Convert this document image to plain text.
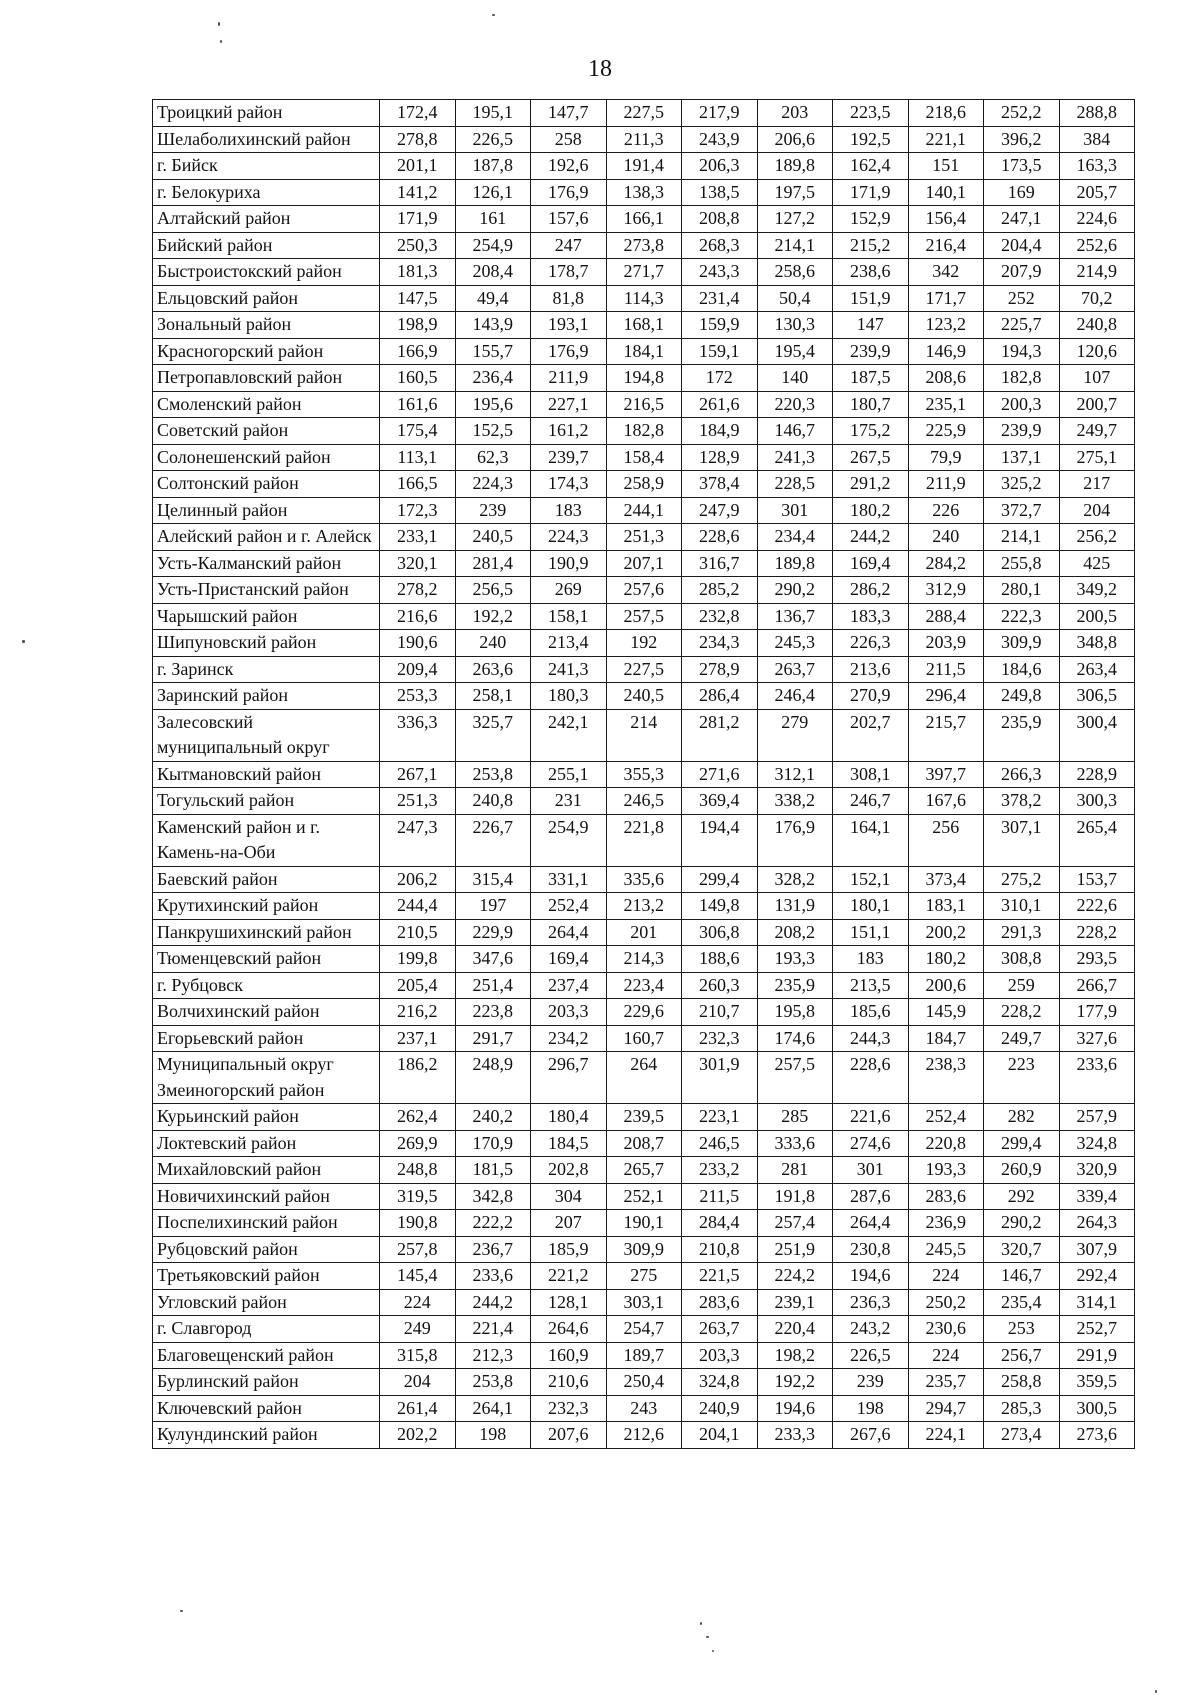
18
Троицкий район	172,4	195,1	147,7	227,5	217,9	203	223,5	218,6	252,2	288,8
Шелаболихинский район	278,8	226,5	258	211,3	243,9	206,6	192,5	221,1	396,2	384
г. Бийск	201,1	187,8	192,6	191,4	206,3	189,8	162,4	151	173,5	163,3
г. Белокуриха	141,2	126,1	176,9	138,3	138,5	197,5	171,9	140,1	169	205,7
Алтайский район	171,9	161	157,6	166,1	208,8	127,2	152,9	156,4	247,1	224,6
Бийский район	250,3	254,9	247	273,8	268,3	214,1	215,2	216,4	204,4	252,6
Быстроистокский район	181,3	208,4	178,7	271,7	243,3	258,6	238,6	342	207,9	214,9
Ельцовский район	147,5	49,4	81,8	114,3	231,4	50,4	151,9	171,7	252	70,2
Зональный район	198,9	143,9	193,1	168,1	159,9	130,3	147	123,2	225,7	240,8
Красногорский район	166,9	155,7	176,9	184,1	159,1	195,4	239,9	146,9	194,3	120,6
Петропавловский район	160,5	236,4	211,9	194,8	172	140	187,5	208,6	182,8	107
Смоленский район	161,6	195,6	227,1	216,5	261,6	220,3	180,7	235,1	200,3	200,7
Советский район	175,4	152,5	161,2	182,8	184,9	146,7	175,2	225,9	239,9	249,7
Солонешенский район	113,1	62,3	239,7	158,4	128,9	241,3	267,5	79,9	137,1	275,1
Солтонский район	166,5	224,3	174,3	258,9	378,4	228,5	291,2	211,9	325,2	217
Целинный район	172,3	239	183	244,1	247,9	301	180,2	226	372,7	204
Алейский район и г. Алейск	233,1	240,5	224,3	251,3	228,6	234,4	244,2	240	214,1	256,2
Усть-Калманский район	320,1	281,4	190,9	207,1	316,7	189,8	169,4	284,2	255,8	425
Усть-Пристанский район	278,2	256,5	269	257,6	285,2	290,2	286,2	312,9	280,1	349,2
Чарышский район	216,6	192,2	158,1	257,5	232,8	136,7	183,3	288,4	222,3	200,5
Шипуновский район	190,6	240	213,4	192	234,3	245,3	226,3	203,9	309,9	348,8
г. Заринск	209,4	263,6	241,3	227,5	278,9	263,7	213,6	211,5	184,6	263,4
Заринский район	253,3	258,1	180,3	240,5	286,4	246,4	270,9	296,4	249,8	306,5
Залесовский муниципальный округ	336,3	325,7	242,1	214	281,2	279	202,7	215,7	235,9	300,4
Кытмановский район	267,1	253,8	255,1	355,3	271,6	312,1	308,1	397,7	266,3	228,9
Тогульский район	251,3	240,8	231	246,5	369,4	338,2	246,7	167,6	378,2	300,3
Каменский район и г. Камень-на-Оби	247,3	226,7	254,9	221,8	194,4	176,9	164,1	256	307,1	265,4
Баевский район	206,2	315,4	331,1	335,6	299,4	328,2	152,1	373,4	275,2	153,7
Крутихинский район	244,4	197	252,4	213,2	149,8	131,9	180,1	183,1	310,1	222,6
Панкрушихинский район	210,5	229,9	264,4	201	306,8	208,2	151,1	200,2	291,3	228,2
Тюменцевский район	199,8	347,6	169,4	214,3	188,6	193,3	183	180,2	308,8	293,5
г. Рубцовск	205,4	251,4	237,4	223,4	260,3	235,9	213,5	200,6	259	266,7
Волчихинский район	216,2	223,8	203,3	229,6	210,7	195,8	185,6	145,9	228,2	177,9
Егорьевский район	237,1	291,7	234,2	160,7	232,3	174,6	244,3	184,7	249,7	327,6
Муниципальный округ Змеиногорский район	186,2	248,9	296,7	264	301,9	257,5	228,6	238,3	223	233,6
Курьинский район	262,4	240,2	180,4	239,5	223,1	285	221,6	252,4	282	257,9
Локтевский район	269,9	170,9	184,5	208,7	246,5	333,6	274,6	220,8	299,4	324,8
Михайловский район	248,8	181,5	202,8	265,7	233,2	281	301	193,3	260,9	320,9
Новичихинский район	319,5	342,8	304	252,1	211,5	191,8	287,6	283,6	292	339,4
Поспелихинский район	190,8	222,2	207	190,1	284,4	257,4	264,4	236,9	290,2	264,3
Рубцовский район	257,8	236,7	185,9	309,9	210,8	251,9	230,8	245,5	320,7	307,9
Третьяковский район	145,4	233,6	221,2	275	221,5	224,2	194,6	224	146,7	292,4
Угловский район	224	244,2	128,1	303,1	283,6	239,1	236,3	250,2	235,4	314,1
г. Славгород	249	221,4	264,6	254,7	263,7	220,4	243,2	230,6	253	252,7
Благовещенский район	315,8	212,3	160,9	189,7	203,3	198,2	226,5	224	256,7	291,9
Бурлинский район	204	253,8	210,6	250,4	324,8	192,2	239	235,7	258,8	359,5
Ключевский район	261,4	264,1	232,3	243	240,9	194,6	198	294,7	285,3	300,5
Кулундинский район	202,2	198	207,6	212,6	204,1	233,3	267,6	224,1	273,4	273,6
